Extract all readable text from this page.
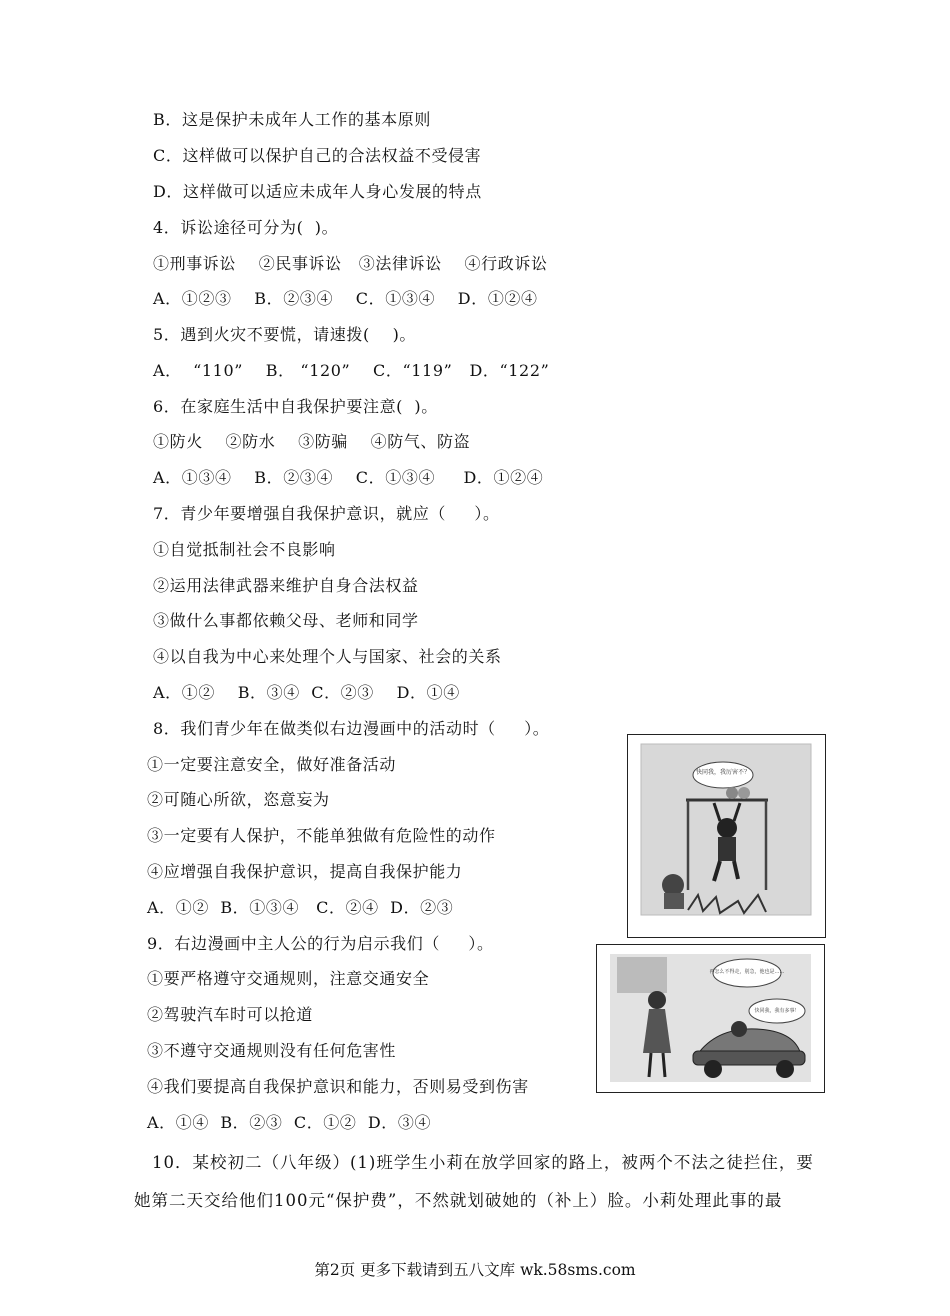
B．这是保护未成年人工作的基本原则
C．这样做可以保护自己的合法权益不受侵害
D．这样做可以适应未成年人身心发展的特点
4．诉讼途径可分为(  )。
①刑事诉讼    ②民事诉讼   ③法律诉讼    ④行政诉讼
A．①②③    B．②③④    C．①③④    D．①②④
5．遇到火灾不要慌，请速拨(    )。
A．  “110”    B． “120”    C．“119”   D．“122”
6．在家庭生活中自我保护要注意(  )。
①防火    ②防水    ③防骗    ④防气、防盗
A．①③④    B．②③④    C．①③④     D．①②④
7．青少年要增强自我保护意识，就应（     ）。
①自觉抵制社会不良影响
②运用法律武器来维护自身合法权益
③做什么事都依赖父母、老师和同学
④以自我为中心来处理个人与国家、社会的关系
A．①②    B．③④  C．②③    D．①④
8．我们青少年在做类似右边漫画中的活动时（     ）。
①一定要注意安全，做好准备活动
②可随心所欲，恣意妄为
③一定要有人保护，不能单独做有危险性的动作
④应增强自我保护意识，提高自我保护能力
A．①②  B．①③④   C．②④  D．②③
9．右边漫画中主人公的行为启示我们（     ）。
①要严格遵守交通规则，注意交通安全
②驾驶汽车时可以抢道
③不遵守交通规则没有任何危害性
④我们要提高自我保护意识和能力，否则易受到伤害
A．①④  B．②③  C．①②  D．③④
10．某校初二（八年级）(1)班学生小莉在放学回家的路上，被两个不法之徒拦住，要
她第二天交给他们100元“保护费”，不然就划破她的（补上）脸。小莉处理此事的最
快同我，我厉害不？
再怎么不得走，别急，他也是……
快同我，我有多事！
第2页 更多下载请到五八文库 wk.58sms.com
